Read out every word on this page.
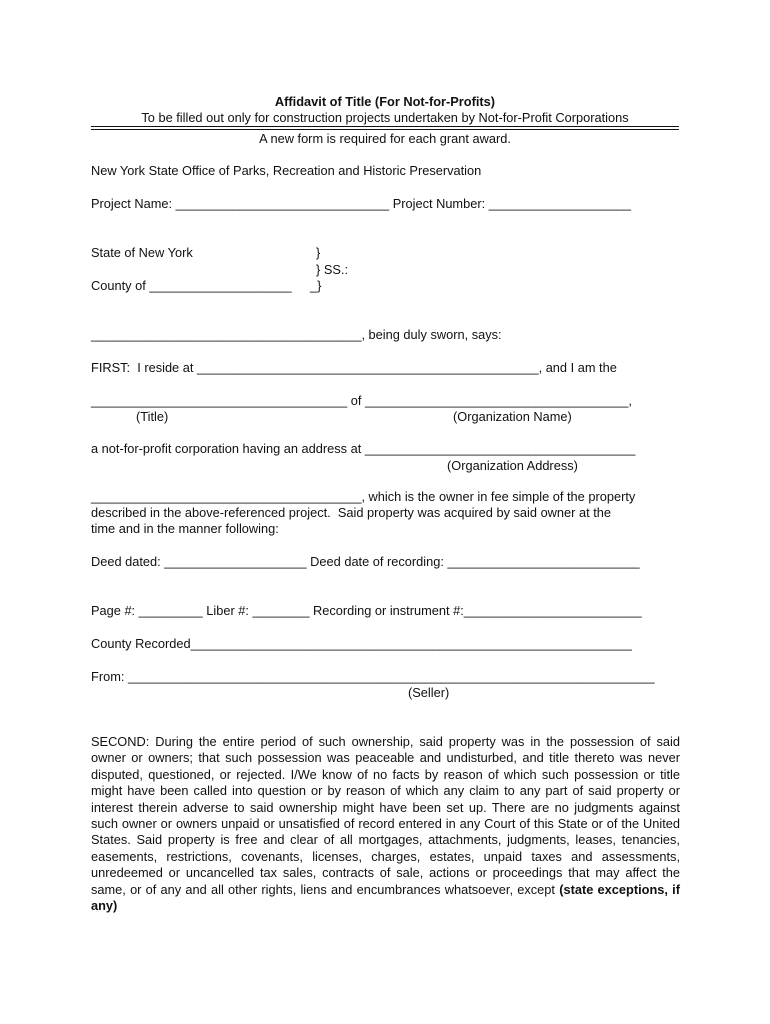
Affidavit of Title (For Not-for-Profits)
To be filled out only for construction projects undertaken by Not-for-Profit Corporations
A new form is required for each grant award.
New York State Office of Parks, Recreation and Historic Preservation
Project Name: ______________________________ Project Number: ____________________
State of New York	}
} SS.:
County of ____________________ _}
______________________________________, being duly sworn, says:
FIRST:  I reside at ________________________________________________, and I am the
____________________________________ of _____________________________________,
(Title)	(Organization Name)
a not-for-profit corporation having an address at ______________________________________
(Organization Address)
______________________________________, which is the owner in fee simple of the property
described in the above-referenced project.  Said property was acquired by said owner at the
time and in the manner following:
Deed dated: ____________________ Deed date of recording: ___________________________
Page #: _________ Liber #: ________ Recording or instrument #:_________________________
County Recorded______________________________________________________________
From: __________________________________________________________________________
(Seller)
SECOND: During the entire period of such ownership, said property was in the possession of said owner or owners; that such possession was peaceable and undisturbed, and title thereto was never disputed, questioned, or rejected. I/We know of no facts by reason of which such possession or title might have been called into question or by reason of which any claim to any part of said property or interest therein adverse to said ownership might have been set up. There are no judgments against such owner or owners unpaid or unsatisfied of record entered in any Court of this State or of the United States. Said property is free and clear of all mortgages, attachments, judgments, leases, tenancies, easements, restrictions, covenants, licenses, charges, estates, unpaid taxes and assessments, unredeemed or uncancelled tax sales, contracts of sale, actions or proceedings that may affect the same, or of any and all other rights, liens and encumbrances whatsoever, except (state exceptions, if any)
